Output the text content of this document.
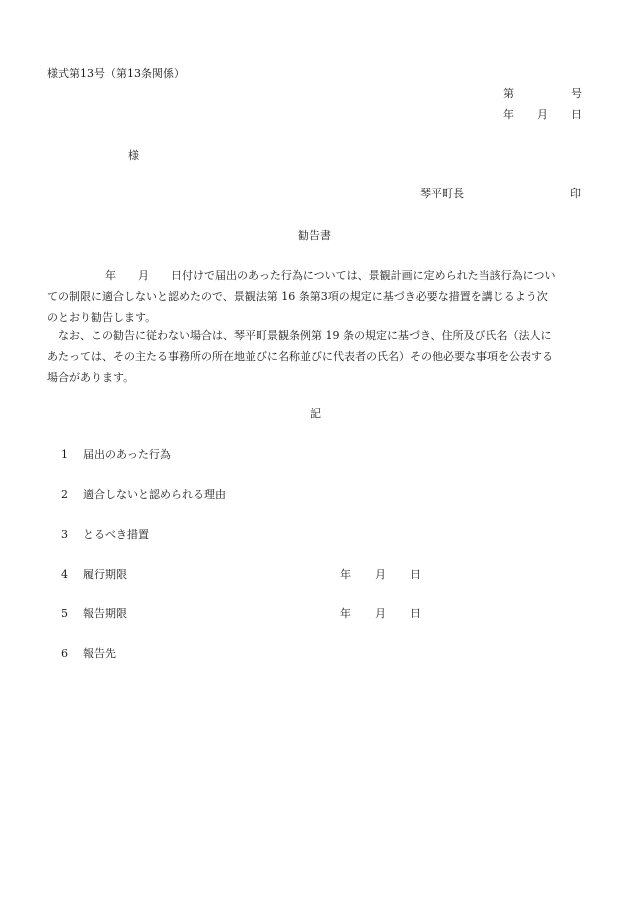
様式第13号（第13条関係）
第	号
年 月 日
様
琴平町長	印
勧告書
年　　月　　日付けで届出のあった行為については、景観計画に定められた当該行為につい
ての制限に適合しないと認めたので、景観法第 16 条第3項の規定に基づき必要な措置を講じるよう次
のとおり勧告します。
なお、この勧告に従わない場合は、琴平町景観条例第 19 条の規定に基づき、住所及び氏名（法人に
あたっては、その主たる事務所の所在地並びに名称並びに代表者の氏名）その他必要な事項を公表する
場合があります。
記
1 届出のあった行為
2 適合しないと認められる理由
3 とるべき措置
4 履行期限	年 月 日
5 報告期限	年 月 日
6 報告先
